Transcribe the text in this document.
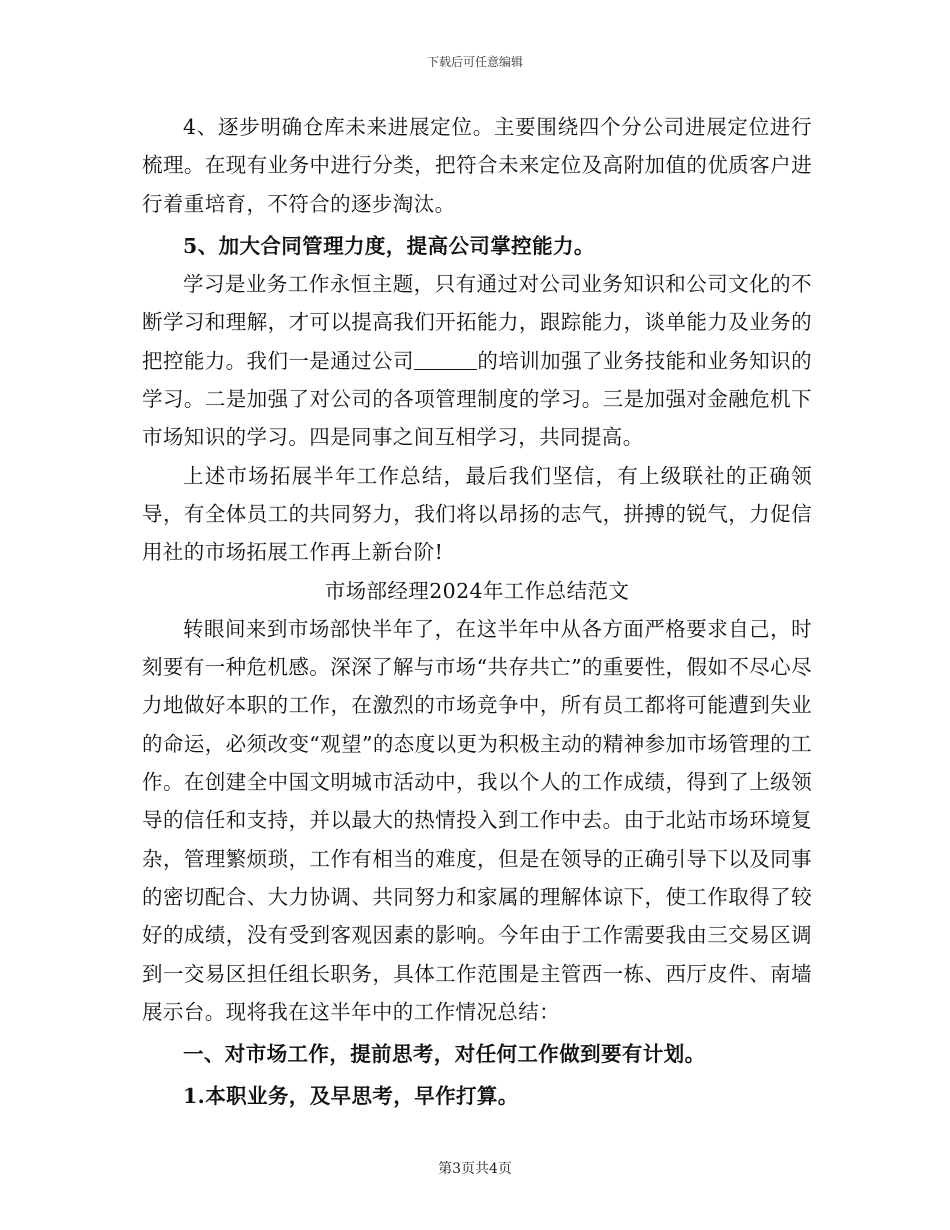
下载后可任意编辑

4、逐步明确仓库未来进展定位。主要围绕四个分公司进展定位进行梳理。在现有业务中进行分类，把符合未来定位及高附加值的优质客户进行着重培育，不符合的逐步淘汰。

5、加大合同管理力度，提高公司掌控能力。

学习是业务工作永恒主题，只有通过对公司业务知识和公司文化的不断学习和理解，才可以提高我们开拓能力，跟踪能力，谈单能力及业务的把控能力。我们一是通过公司	的培训加强了业务技能和业务知识的学习。二是加强了对公司的各项管理制度的学习。三是加强对金融危机下市场知识的学习。四是同事之间互相学习，共同提高。

上述市场拓展半年工作总结，最后我们坚信，有上级联社的正确领导，有全体员工的共同努力，我们将以昂扬的志气，拼搏的锐气，力促信用社的市场拓展工作再上新台阶!

市场部经理2024年工作总结范文

转眼间来到市场部快半年了，在这半年中从各方面严格要求自己，时刻要有一种危机感。深深了解与市场“共存共亡”的重要性，假如不尽心尽力地做好本职的工作，在激烈的市场竞争中，所有员工都将可能遭到失业的命运，必须改变“观望”的态度以更为积极主动的精神参加市场管理的工作。在创建全中国文明城市活动中，我以个人的工作成绩，得到了上级领导的信任和支持，并以最大的热情投入到工作中去。由于北站市场环境复杂，管理繁烦琐，工作有相当的难度，但是在领导的正确引导下以及同事的密切配合、大力协调、共同努力和家属的理解体谅下，使工作取得了较好的成绩，没有受到客观因素的影响。今年由于工作需要我由三交易区调到一交易区担任组长职务，具体工作范围是主管西一栋、西厅皮件、南墙展示台。现将我在这半年中的工作情况总结：

一、对市场工作，提前思考，对任何工作做到要有计划。

1.本职业务，及早思考，早作打算。

第3页共4页
